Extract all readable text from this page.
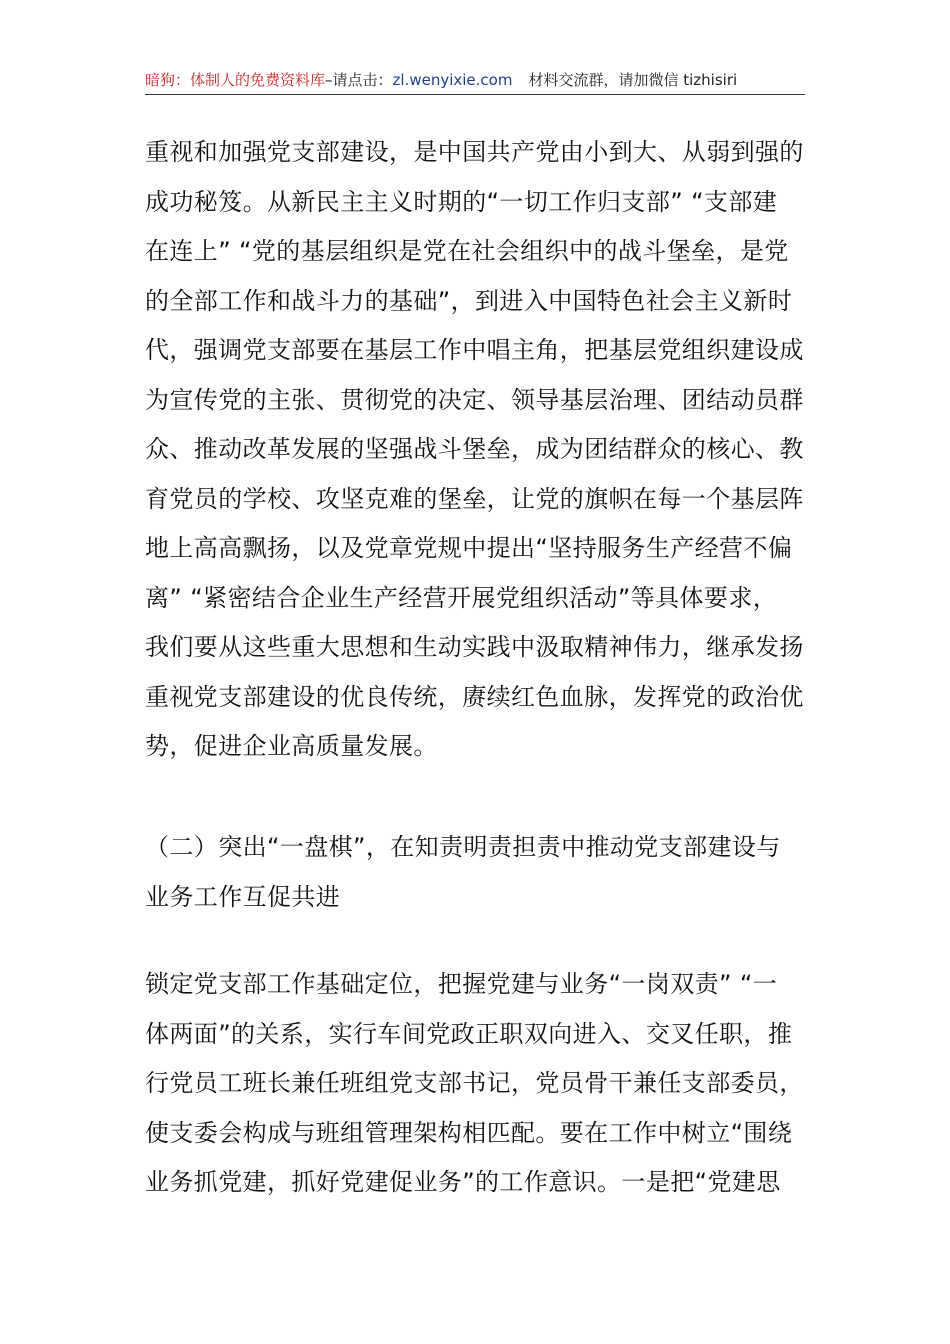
暗狗：体制人的免费资料库–请点击：zl.wenyixie.com 材料交流群，请加微信 tizhisiri
重视和加强党支部建设，是中国共产党由小到大、从弱到强的
成功秘笈。从新民主主义时期的“一切工作归支部” “支部建
在连上” “党的基层组织是党在社会组织中的战斗堡垒，是党
的全部工作和战斗力的基础”，到进入中国特色社会主义新时
代，强调党支部要在基层工作中唱主角，把基层党组织建设成
为宣传党的主张、贯彻党的决定、领导基层治理、团结动员群
众、推动改革发展的坚强战斗堡垒，成为团结群众的核心、教
育党员的学校、攻坚克难的堡垒，让党的旗帜在每一个基层阵
地上高高飘扬，以及党章党规中提出“坚持服务生产经营不偏
离” “紧密结合企业生产经营开展党组织活动”等具体要求，
我们要从这些重大思想和生动实践中汲取精神伟力，继承发扬
重视党支部建设的优良传统，赓续红色血脉，发挥党的政治优
势，促进企业高质量发展。
（二）突出“一盘棋”，在知责明责担责中推动党支部建设与
业务工作互促共进
锁定党支部工作基础定位，把握党建与业务“一岗双责” “一
体两面”的关系，实行车间党政正职双向进入、交叉任职，推
行党员工班长兼任班组党支部书记，党员骨干兼任支部委员，
使支委会构成与班组管理架构相匹配。要在工作中树立“围绕
业务抓党建，抓好党建促业务”的工作意识。一是把“党建思
